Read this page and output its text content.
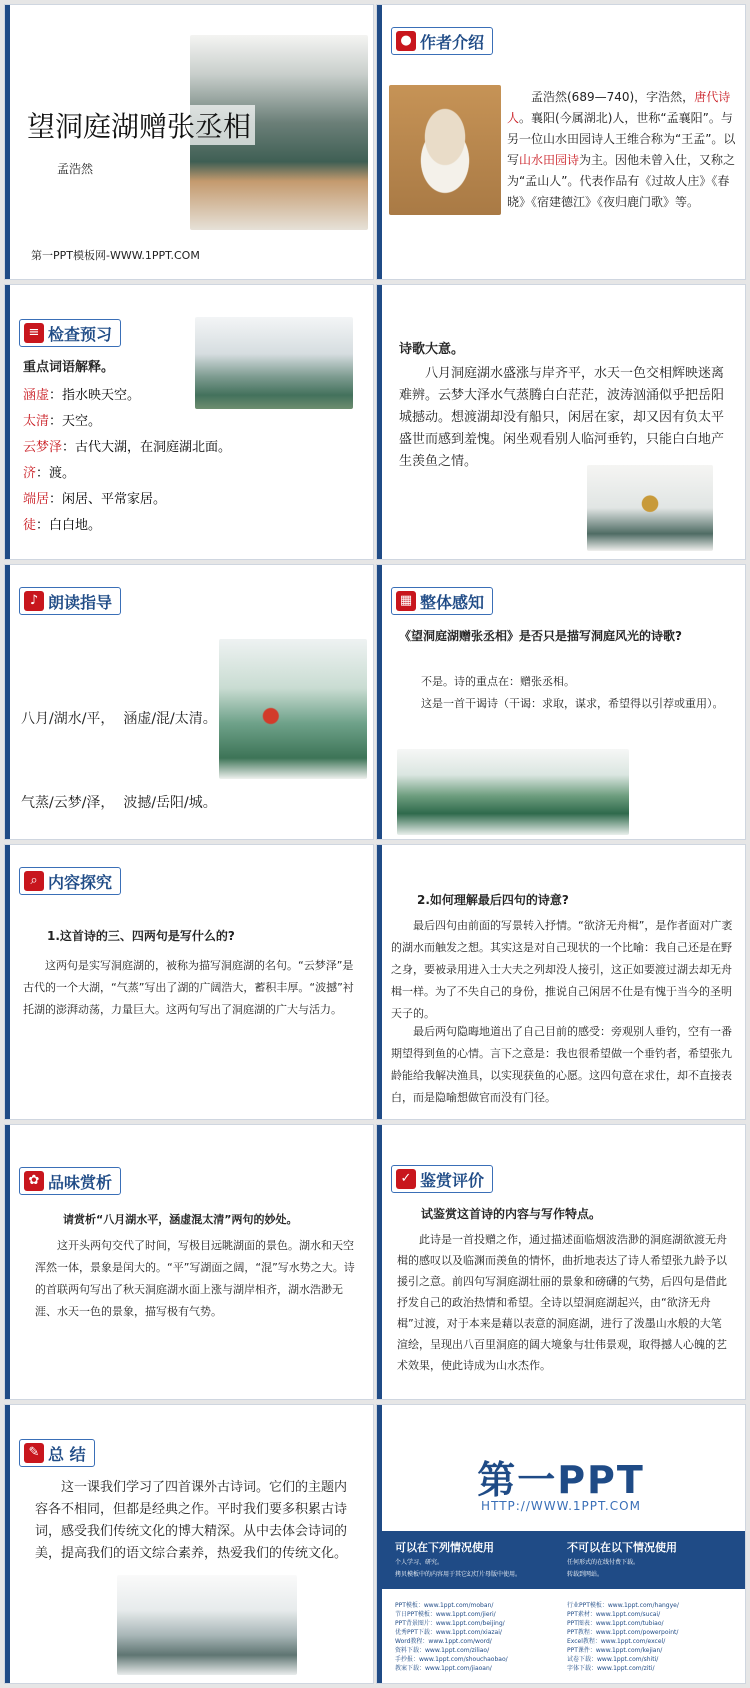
望洞庭湖赠张丞相
孟浩然
第一PPT模板网-WWW.1PPT.COM
● 作者介绍
孟浩然(689—740)，字浩然，唐代诗人。襄阳(今属湖北)人，世称“孟襄阳”。与另一位山水田园诗人王维合称为“王孟”。以写山水田园诗为主。因他未曾入仕，又称之为“孟山人”。代表作品有《过故人庄》《春晓》《宿建德江》《夜归鹿门歌》等。
≡ 检查预习
重点词语解释。
涵虚：指水映天空。
太清：天空。
云梦泽：古代大湖，在洞庭湖北面。
济：渡。
端居：闲居、平常家居。
徒：白白地。
诗歌大意。
八月洞庭湖水盛涨与岸齐平，水天一色交相辉映迷离难辨。云梦大泽水气蒸腾白白茫茫，波涛汹涌似乎把岳阳城撼动。想渡湖却没有船只，闲居在家，却又因有负太平盛世而感到羞愧。闲坐观看别人临河垂钓，只能白白地产生羡鱼之情。
♪ 朗读指导

八月/湖水/平，  涵虚/混/太清。

气蒸/云梦/泽，  波撼/岳阳/城。

▦ 整体感知
《望洞庭湖赠张丞相》是否只是描写洞庭风光的诗歌?
不是。诗的重点在：赠张丞相。
这是一首干谒诗（干谒：求取，谋求，希望得以引荐或重用）。
⌕ 内容探究
1.这首诗的三、四两句是写什么的?
这两句是实写洞庭湖的，被称为描写洞庭湖的名句。“云梦泽”是古代的一个大湖，“气蒸”写出了湖的广阔浩大，蓄积丰厚。“波撼”衬托湖的澎湃动荡，力量巨大。这两句写出了洞庭湖的广大与活力。
2.如何理解最后四句的诗意?
最后四句由前面的写景转入抒情。“欲济无舟楫”，是作者面对广袤的湖水而触发之想。其实这是对自己现状的一个比喻：我自己还是在野之身，要被录用进入士大夫之列却没人接引，这正如要渡过湖去却无舟楫一样。为了不失自己的身份，推说自己闲居不仕是有愧于当今的圣明天子的。
最后两句隐晦地道出了自己目前的感受：旁观别人垂钓，空有一番期望得到鱼的心情。言下之意是：我也很希望做一个垂钓者，希望张九龄能给我解决渔具，以实现获鱼的心愿。这四句意在求仕，却不直接表白，而是隐喻想做官而没有门径。
✿ 品味赏析
请赏析“八月湖水平，涵虚混太清”两句的妙处。
这开头两句交代了时间，写极目远眺湖面的景色。湖水和天空浑然一体，景象是闰大的。“平”写湖面之阔，“混”写水势之大。诗的首联两句写出了秋天洞庭湖水面上涨与湖岸相齐，湖水浩渺无涯、水天一色的景象，描写极有气势。
✓ 鉴赏评价
试鉴赏这首诗的内容与写作特点。
此诗是一首投赠之作，通过描述面临烟波浩渺的洞庭湖欲渡无舟楫的感叹以及临渊而羡鱼的情怀，曲折地表达了诗人希望张九龄予以援引之意。前四句写洞庭湖壮丽的景象和磅礴的气势，后四句是借此抒发自己的政治热情和希望。全诗以望洞庭湖起兴，由“欲济无舟楫”过渡，对于本来是藉以表意的洞庭湖，进行了泼墨山水般的大笔渲绘，呈现出八百里洞庭的阔大境象与壮伟景观，取得撼人心魄的艺术效果，使此诗成为山水杰作。
✎ 总 结
这一课我们学习了四首课外古诗词。它们的主题内容各不相同，但都是经典之作。平时我们要多积累古诗词，感受我们传统文化的博大精深。从中去体会诗词的美，提高我们的语文综合素养，热爱我们的传统文化。
第一PPT
HTTP://WWW.1PPT.COM
可以在下列情况使用
个人学习、研究。
拷贝模板中的内容用于其它幻灯片母版中使用。
不可以在以下情况使用
任何形式的在线付费下载。
转载到网站。
PPT模板：www.1ppt.com/moban/
节日PPT模板：www.1ppt.com/jieri/
PPT背景图片：www.1ppt.com/beijing/
优秀PPT下载：www.1ppt.com/xiazai/
Word教程：www.1ppt.com/word/
资料下载：www.1ppt.com/ziliao/
手抄报：www.1ppt.com/shouchaobao/
教案下载：www.1ppt.com/jiaoan/
行业PPT模板：www.1ppt.com/hangye/
PPT素材：www.1ppt.com/sucai/
PPT图表：www.1ppt.com/tubiao/
PPT教程：www.1ppt.com/powerpoint/
Excel教程：www.1ppt.com/excel/
PPT课件：www.1ppt.com/kejian/
试卷下载：www.1ppt.com/shiti/
字体下载：www.1ppt.com/ziti/
